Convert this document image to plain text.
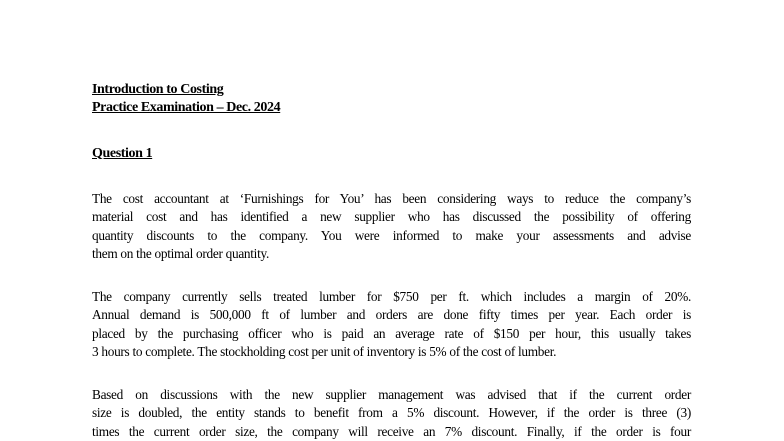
Introduction to Costing
Practice Examination – Dec. 2024
Question 1
The cost accountant at ‘Furnishings for You’ has been considering ways to reduce the company’s
material cost and has identified a new supplier who has discussed the possibility of offering
quantity discounts to the company. You were informed to make your assessments and advise
them on the optimal order quantity.
The company currently sells treated lumber for $750 per ft. which includes a margin of 20%.
Annual demand is 500,000 ft of lumber and orders are done fifty times per year. Each order is
placed by the purchasing officer who is paid an average rate of $150 per hour, this usually takes
3 hours to complete. The stockholding cost per unit of inventory is 5% of the cost of lumber.
Based on discussions with the new supplier management was advised that if the current order
size is doubled, the entity stands to benefit from a 5% discount. However, if the order is three (3)
times the current order size, the company will receive an 7% discount. Finally, if the order is four
